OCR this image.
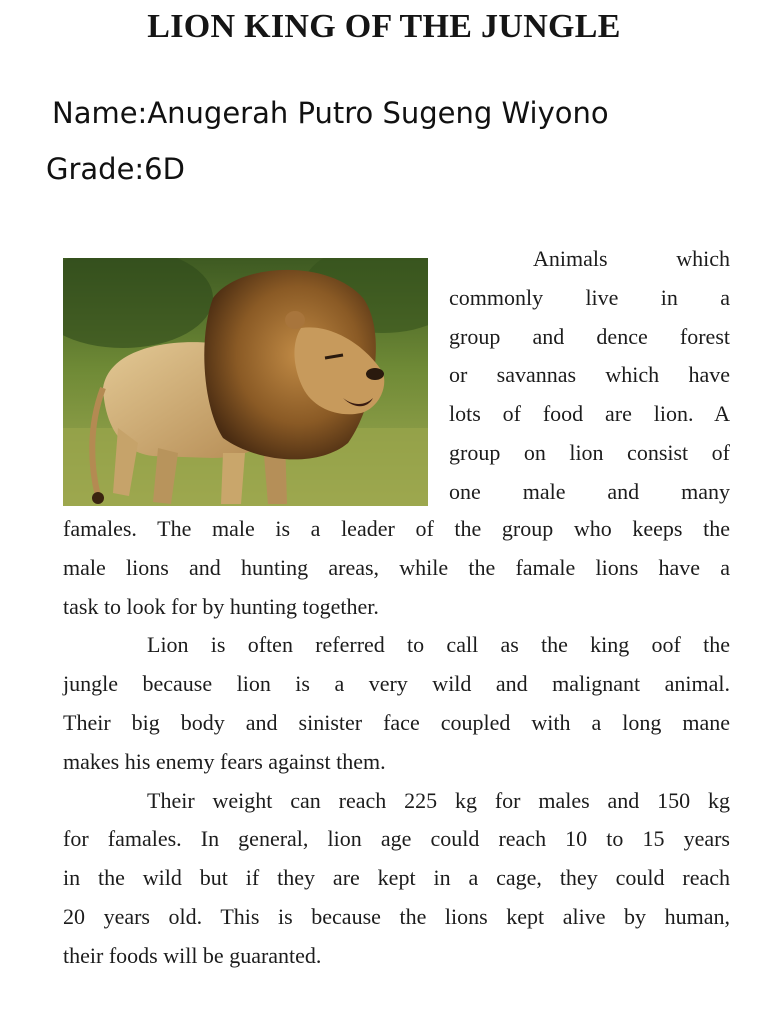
LION KING OF THE JUNGLE

Name:Anugerah Putro Sugeng Wiyono

Grade:6D

Animals which
commonly live in a
group and dence forest
or savannas which have
lots of food are lion. A
group on lion consist of
one male and many

famales. The male is a leader of the group who keeps the
male lions and hunting areas, while the famale lions have a
task to look for by hunting together.
Lion is often referred to call as the king oof the
jungle because lion is a very wild and malignant animal.
Their big body and sinister face coupled with a long mane
makes his enemy fears against them.
Their weight can reach 225 kg for males and 150 kg
for famales. In general, lion age could reach 10 to 15 years
in the wild but if they are kept in a cage, they could reach
20 years old. This is because the lions kept alive by human,
their foods will be guaranted.
